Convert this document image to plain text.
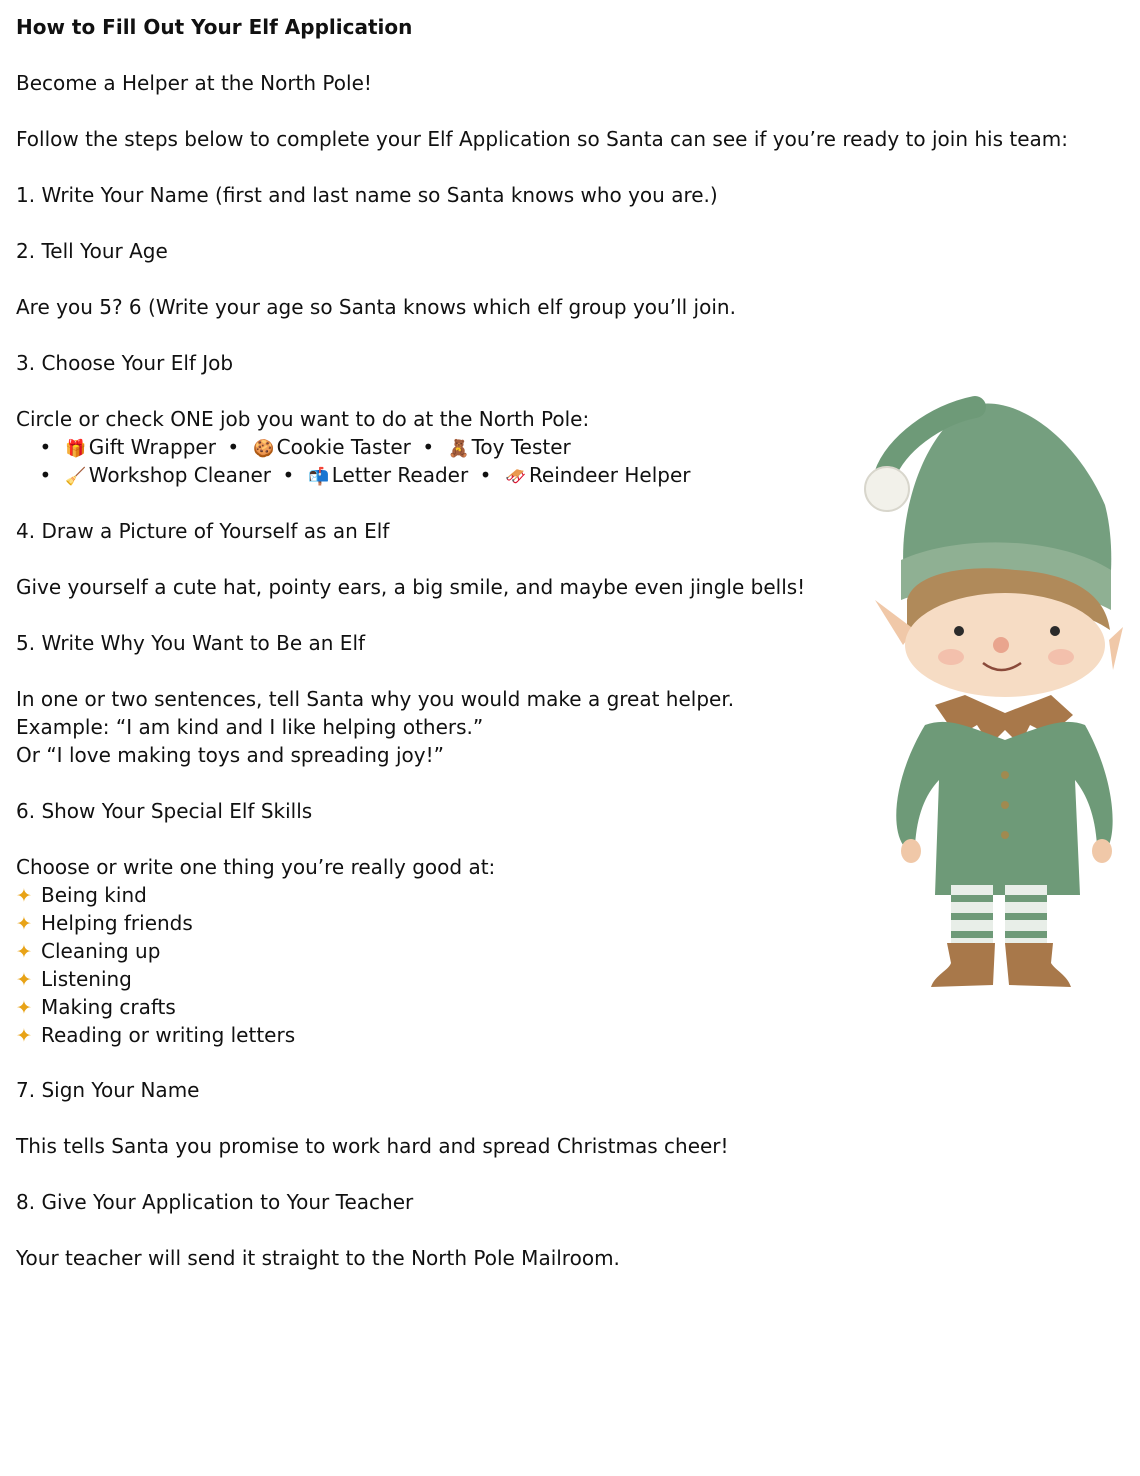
How to Fill Out Your Elf Application
Become a Helper at the North Pole!
Follow the steps below to complete your Elf Application so Santa can see if you’re ready to join his team:
1. Write Your Name (first and last name so Santa knows who you are.)
2. Tell Your Age
Are you 5? 6 (Write your age so Santa knows which elf group you’ll join.
3. Choose Your Elf Job
Circle or check ONE job you want to do at the North Pole:
• 🎁 Gift Wrapper • 🍪 Cookie Taster • 🧸 Toy Tester
• 🧹 Workshop Cleaner • 📬 Letter Reader • 🛷 Reindeer Helper
4. Draw a Picture of Yourself as an Elf
Give yourself a cute hat, pointy ears, a big smile, and maybe even jingle bells!
5. Write Why You Want to Be an Elf
In one or two sentences, tell Santa why you would make a great helper.
Example: “I am kind and I like helping others.”
Or “I love making toys and spreading joy!”
6. Show Your Special Elf Skills
Choose or write one thing you’re really good at:
✦ Being kind
✦ Helping friends
✦ Cleaning up
✦ Listening
✦ Making crafts
✦ Reading or writing letters
7. Sign Your Name
This tells Santa you promise to work hard and spread Christmas cheer!
8. Give Your Application to Your Teacher
Your teacher will send it straight to the North Pole Mailroom.
